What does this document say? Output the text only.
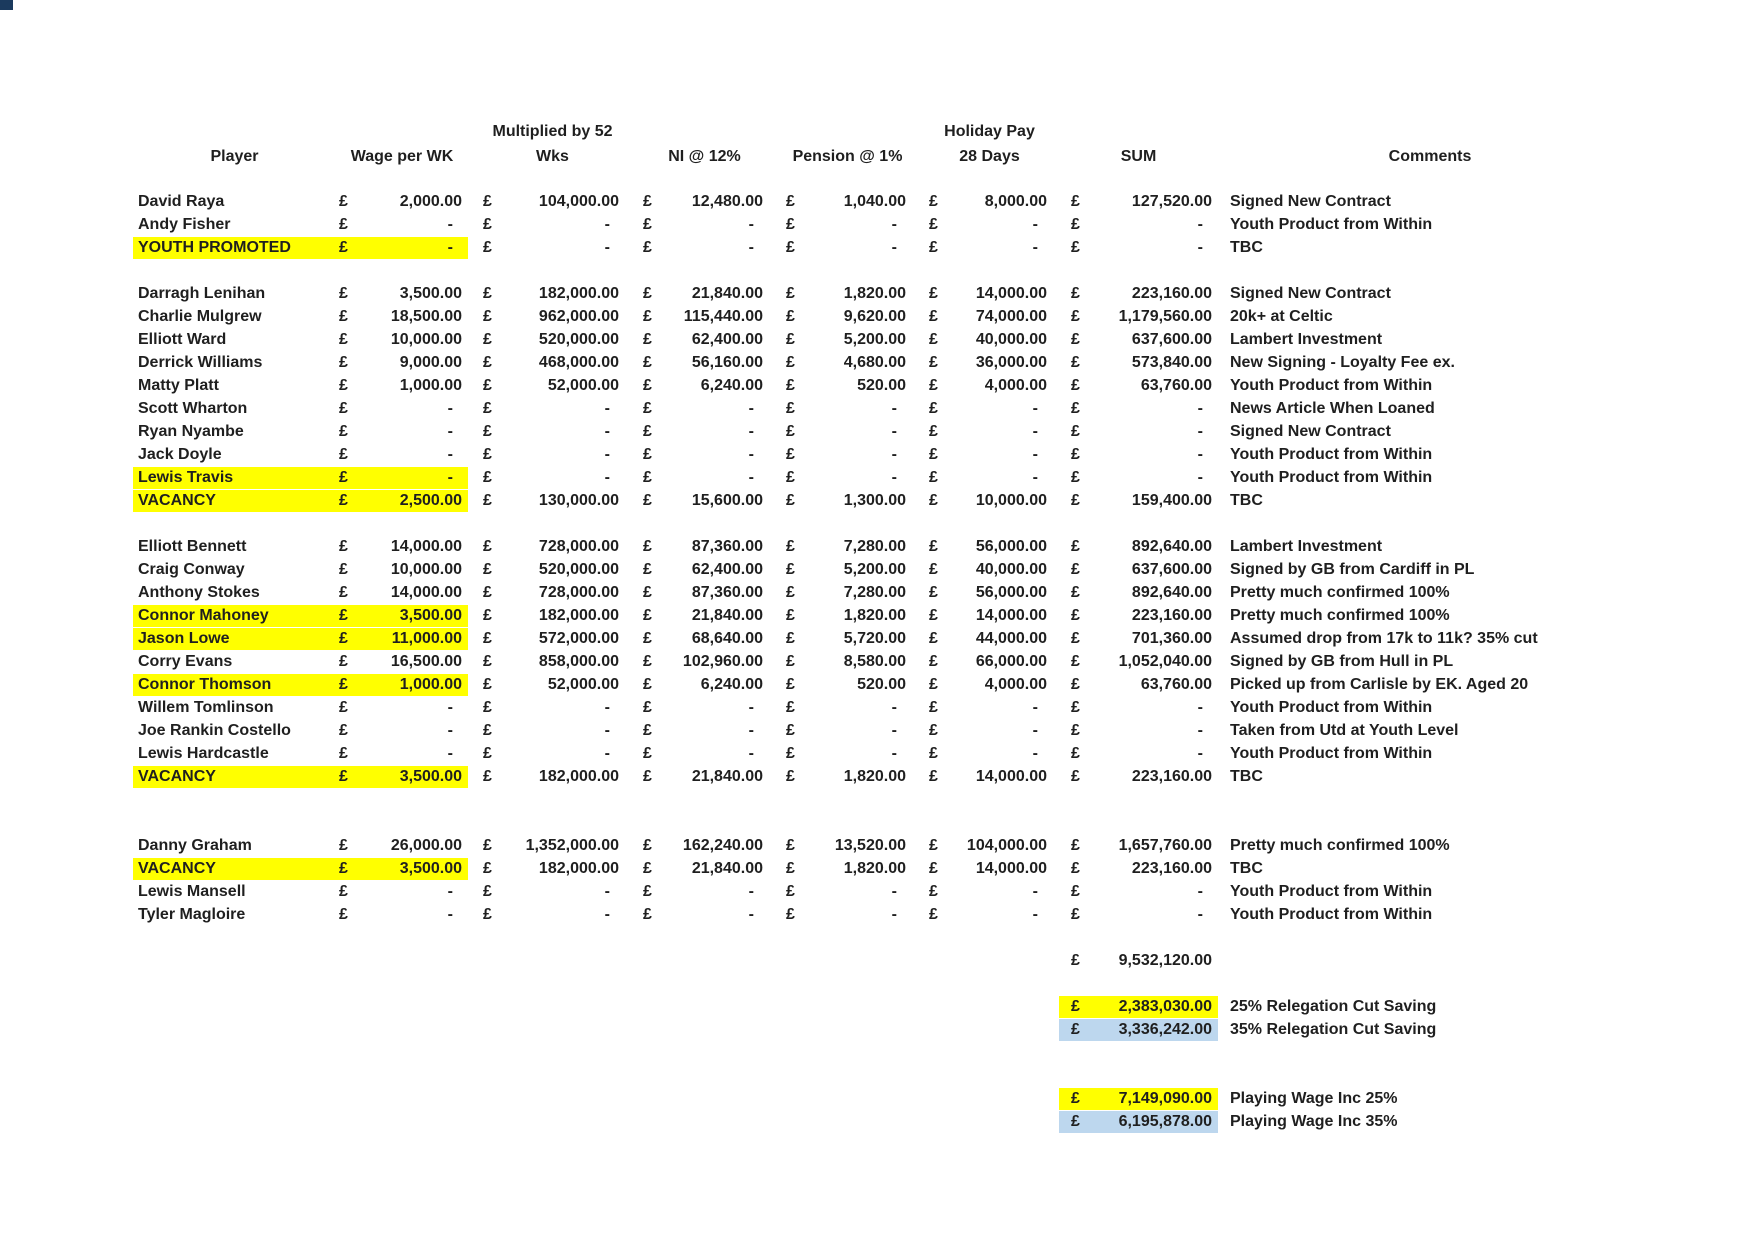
Multiplied by 52	Holiday Pay
Player	Wage per WK	Wks	NI @ 12%	Pension @ 1%	28 Days	SUM	Comments
David Raya	£	2,000.00 £	104,000.00 £ 12,480.00 £	1,040.00 £	8,000.00 £	127,520.00 Signed New Contract
Andy Fisher	£	-	£	-	£	-	£	-	£	-	£	-	Youth Product from Within
YOUTH PROMOTED	£	-	£	-	£	-	£	-	£	-	£	-	TBC
Darragh Lenihan	£	3,500.00 £	182,000.00 £ 21,840.00 £	1,820.00 £ 14,000.00 £	223,160.00 Signed New Contract
Charlie Mulgrew	£	18,500.00 £	962,000.00 £ 115,440.00 £	9,620.00 £ 74,000.00 £ 1,179,560.00 20k+ at Celtic
Elliott Ward	£	10,000.00 £	520,000.00 £ 62,400.00 £	5,200.00 £ 40,000.00 £	637,600.00 Lambert Investment
Derrick Williams	£	9,000.00 £	468,000.00 £ 56,160.00 £	4,680.00 £ 36,000.00 £	573,840.00 New Signing - Loyalty Fee ex.
Matty Platt	£	1,000.00 £	52,000.00 £	6,240.00 £	520.00 £	4,000.00 £	63,760.00 Youth Product from Within
Scott Wharton	£	-	£	-	£	-	£	-	£	-	£	-	News Article When Loaned
Ryan Nyambe	£	-	£	-	£	-	£	-	£	-	£	-	Signed New Contract
Jack Doyle	£	-	£	-	£	-	£	-	£	-	£	-	Youth Product from Within
Lewis Travis	£	-	£	-	£	-	£	-	£	-	£	-	Youth Product from Within
VACANCY	£	2,500.00 £	130,000.00 £ 15,600.00 £	1,300.00 £ 10,000.00 £	159,400.00 TBC
Elliott Bennett	£	14,000.00 £	728,000.00 £ 87,360.00 £	7,280.00 £ 56,000.00 £	892,640.00 Lambert Investment
Craig Conway	£	10,000.00 £	520,000.00 £ 62,400.00 £	5,200.00 £ 40,000.00 £	637,600.00 Signed by GB from Cardiff in PL
Anthony Stokes	£	14,000.00 £	728,000.00 £ 87,360.00 £	7,280.00 £ 56,000.00 £	892,640.00 Pretty much confirmed 100%
Connor Mahoney	£	3,500.00 £	182,000.00 £ 21,840.00 £	1,820.00 £ 14,000.00 £	223,160.00 Pretty much confirmed 100%
Jason Lowe	£	11,000.00 £	572,000.00 £ 68,640.00 £	5,720.00 £ 44,000.00 £	701,360.00 Assumed drop from 17k to 11k? 35% cut
Corry Evans	£	16,500.00 £	858,000.00 £ 102,960.00 £	8,580.00 £ 66,000.00 £ 1,052,040.00 Signed by GB from Hull in PL
Connor Thomson	£	1,000.00 £	52,000.00 £	6,240.00 £	520.00 £	4,000.00 £	63,760.00 Picked up from Carlisle by EK. Aged 20
Willem Tomlinson	£	-	£	-	£	-	£	-	£	-	£	-	Youth Product from Within
Joe Rankin Costello	£	-	£	-	£	-	£	-	£	-	£	-	Taken from Utd at Youth Level
Lewis Hardcastle	£	-	£	-	£	-	£	-	£	-	£	-	Youth Product from Within
VACANCY	£	3,500.00 £	182,000.00 £ 21,840.00 £	1,820.00 £ 14,000.00 £	223,160.00 TBC
Danny Graham	£	26,000.00 £ 1,352,000.00 £ 162,240.00 £ 13,520.00 £ 104,000.00 £ 1,657,760.00 Pretty much confirmed 100%
VACANCY	£	3,500.00 £	182,000.00 £ 21,840.00 £	1,820.00 £ 14,000.00 £	223,160.00 TBC
Lewis Mansell	£	-	£	-	£	-	£	-	£	-	£	-	Youth Product from Within
Tyler Magloire	£	-	£	-	£	-	£	-	£	-	£	-	Youth Product from Within
£ 9,532,120.00
£ 2,383,030.00 25% Relegation Cut Saving
£ 3,336,242.00 35% Relegation Cut Saving
£ 7,149,090.00 Playing Wage Inc 25%
£ 6,195,878.00 Playing Wage Inc 35%
